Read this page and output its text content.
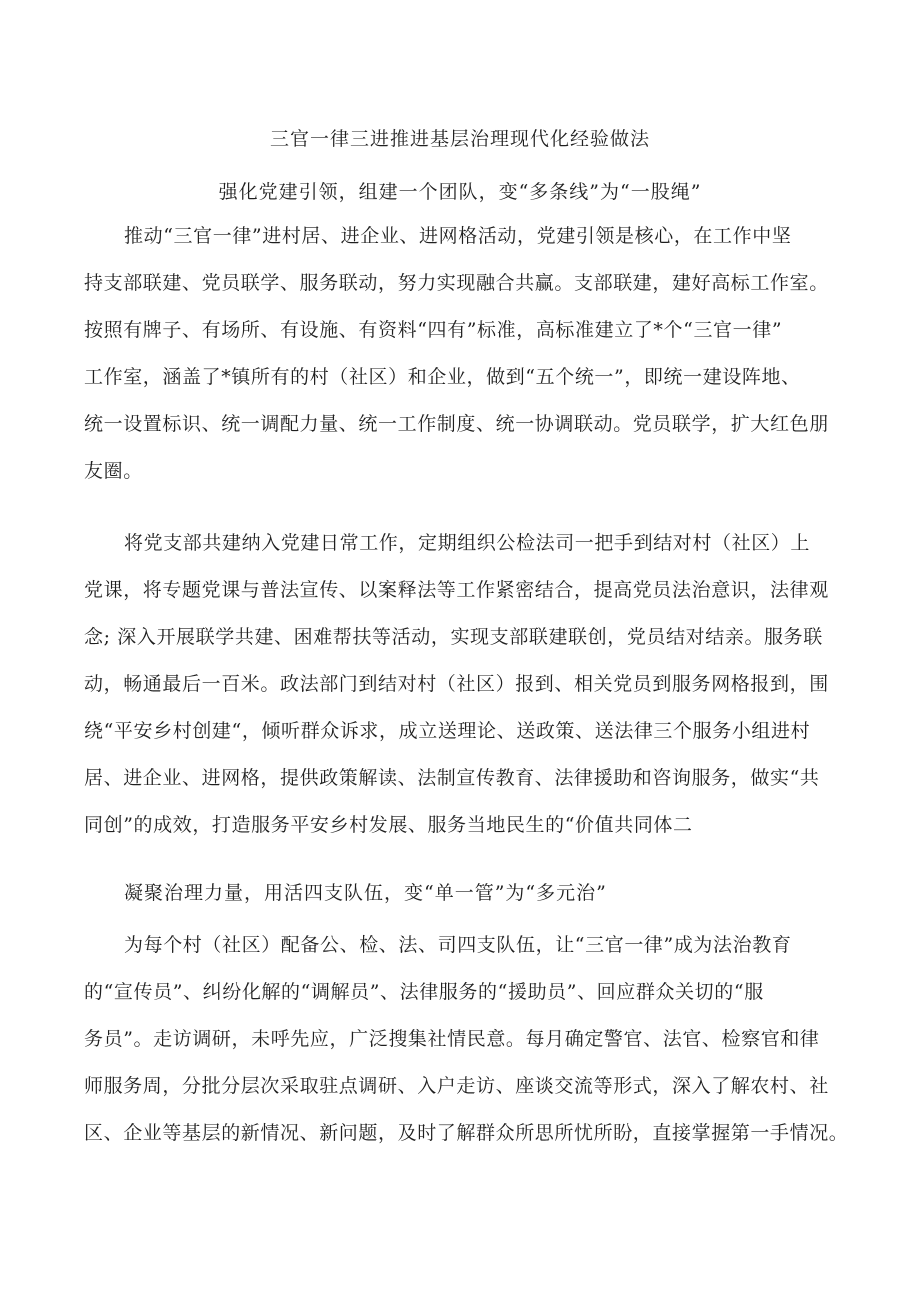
三官一律三进推进基层治理现代化经验做法
强化党建引领，组建一个团队，变“多条线”为“一股绳”
推动“三官一律”进村居、进企业、进网格活动，党建引领是核心，在工作中坚
持支部联建、党员联学、服务联动，努力实现融合共赢。支部联建，建好高标工作室。
按照有牌子、有场所、有设施、有资料“四有”标准，高标准建立了*个“三官一律”
工作室，涵盖了*镇所有的村（社区）和企业，做到“五个统一”，即统一建设阵地、
统一设置标识、统一调配力量、统一工作制度、统一协调联动。党员联学，扩大红色朋
友圈。
将党支部共建纳入党建日常工作，定期组织公检法司一把手到结对村（社区）上
党课，将专题党课与普法宣传、以案释法等工作紧密结合，提高党员法治意识，法律观
念; 深入开展联学共建、困难帮扶等活动，实现支部联建联创，党员结对结亲。服务联
动，畅通最后一百米。政法部门到结对村（社区）报到、相关党员到服务网格报到，围
绕“平安乡村创建“，倾听群众诉求，成立送理论、送政策、送法律三个服务小组进村
居、进企业、进网格，提供政策解读、法制宣传教育、法律援助和咨询服务，做实“共
同创”的成效，打造服务平安乡村发展、服务当地民生的“价值共同体二
凝聚治理力量，用活四支队伍，变“单一管”为“多元治”
为每个村（社区）配备公、检、法、司四支队伍，让“三官一律”成为法治教育
的“宣传员”、纠纷化解的“调解员”、法律服务的“援助员”、回应群众关切的“服
务员”。走访调研，未呼先应，广泛搜集社情民意。每月确定警官、法官、检察官和律
师服务周，分批分层次采取驻点调研、入户走访、座谈交流等形式，深入了解农村、社
区、企业等基层的新情况、新问题，及时了解群众所思所忧所盼，直接掌握第一手情况。
